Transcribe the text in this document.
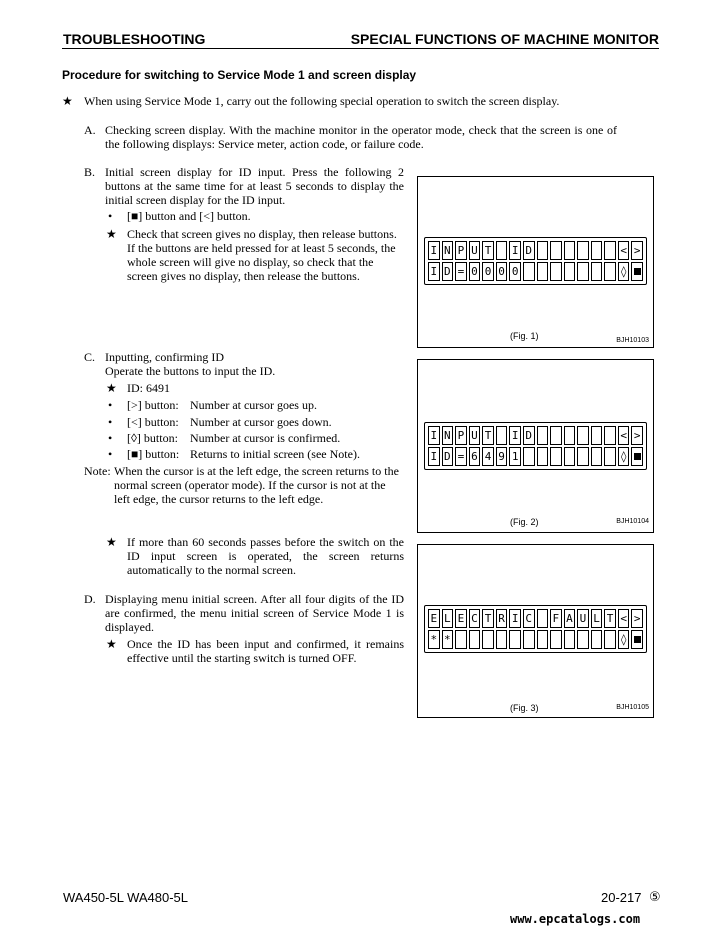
TROUBLESHOOTING	SPECIAL FUNCTIONS OF MACHINE MONITOR
Procedure for switching to Service Mode 1 and screen display
★ When using Service Mode 1, carry out the following special operation to switch the screen display.
A. Checking screen display. With the machine monitor in the operator mode, check that the screen is one of the following displays: Service meter, action code, or failure code.
B. Initial screen display for ID input. Press the following 2 buttons at the same time for at least 5 seconds to display the initial screen display for the ID input.
• [■] button and [<] button.
★ Check that screen gives no display, then release buttons. If the buttons are held pressed for at least 5 seconds, the whole screen will give no display, so check that the screen gives no display, then release the buttons.
C. Inputting, confirming ID
Operate the buttons to input the ID.
★ ID: 6491
• [>] button: Number at cursor goes up.
• [<] button: Number at cursor goes down.
• [◊] button: Number at cursor is confirmed.
• [■] button: Returns to initial screen (see Note).
Note: When the cursor is at the left edge, the screen returns to the
normal screen (operator mode). If the cursor is not at the left edge, the cursor returns to the left edge.
★ If more than 60 seconds passes before the switch on the ID input screen is operated, the screen returns automatically to the normal screen.
D. Displaying menu initial screen. After all four digits of the ID are confirmed, the menu initial screen of Service Mode 1 is displayed.
★ Once the ID has been input and confirmed, it remains effective until the starting switch is turned OFF.
I N P U T I D	< >
I D = 0 0 0 0	◊
(Fig. 1)	BJH10103
I N P U T I D	< >
I D = 6 4 9 1	◊
(Fig. 2)	BJH10104
E L E C T R I C F A U L T < >
* *	◊
(Fig. 3)	BJH10105
WA450-5L WA480-5L	20-217 ⑤
www.epcatalogs.com
